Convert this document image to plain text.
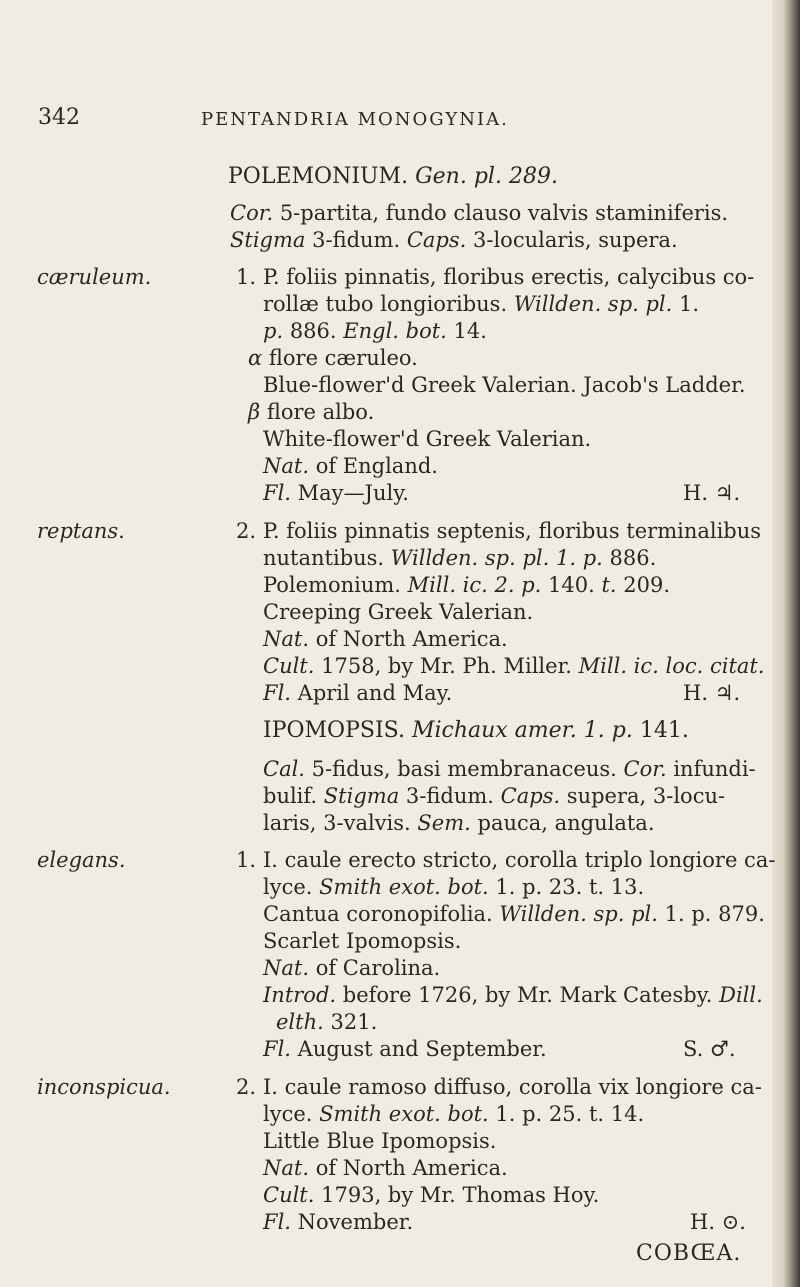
342	PENTANDRIA MONOGYNIA.
POLEMONIUM. Gen. pl. 289.
Cor. 5-partita, fundo clauso valvis staminiferis.
Stigma 3-fidum. Caps. 3-locularis, supera.
cæruleum.	1. P. foliis pinnatis, floribus erectis, calycibus co-
rollæ tubo longioribus. Willden. sp. pl. 1.
p. 886. Engl. bot. 14.
α flore cæruleo.
Blue-flower'd Greek Valerian. Jacob's Ladder.
β flore albo.
White-flower'd Greek Valerian.
Nat. of England.
Fl. May—July.	H. ♃.
reptans.	2. P. foliis pinnatis septenis, floribus terminalibus
nutantibus. Willden. sp. pl. 1. p. 886.
Polemonium. Mill. ic. 2. p. 140. t. 209.
Creeping Greek Valerian.
Nat. of North America.
Cult. 1758, by Mr. Ph. Miller. Mill. ic. loc. citat.
Fl. April and May.	H. ♃.
IPOMOPSIS. Michaux amer. 1. p. 141.
Cal. 5-fidus, basi membranaceus. Cor. infundi-
bulif. Stigma 3-fidum. Caps. supera, 3-locu-
laris, 3-valvis. Sem. pauca, angulata.
elegans.	1. I. caule erecto stricto, corolla triplo longiore ca-
lyce. Smith exot. bot. 1. p. 23. t. 13.
Cantua coronopifolia. Willden. sp. pl. 1. p. 879.
Scarlet Ipomopsis.
Nat. of Carolina.
Introd. before 1726, by Mr. Mark Catesby. Dill.
elth. 321.
Fl. August and September.	S. ♂.
inconspicua.	2. I. caule ramoso diffuso, corolla vix longiore ca-
lyce. Smith exot. bot. 1. p. 25. t. 14.
Little Blue Ipomopsis.
Nat. of North America.
Cult. 1793, by Mr. Thomas Hoy.
Fl. November.	H. ⊙.
COBŒA.
